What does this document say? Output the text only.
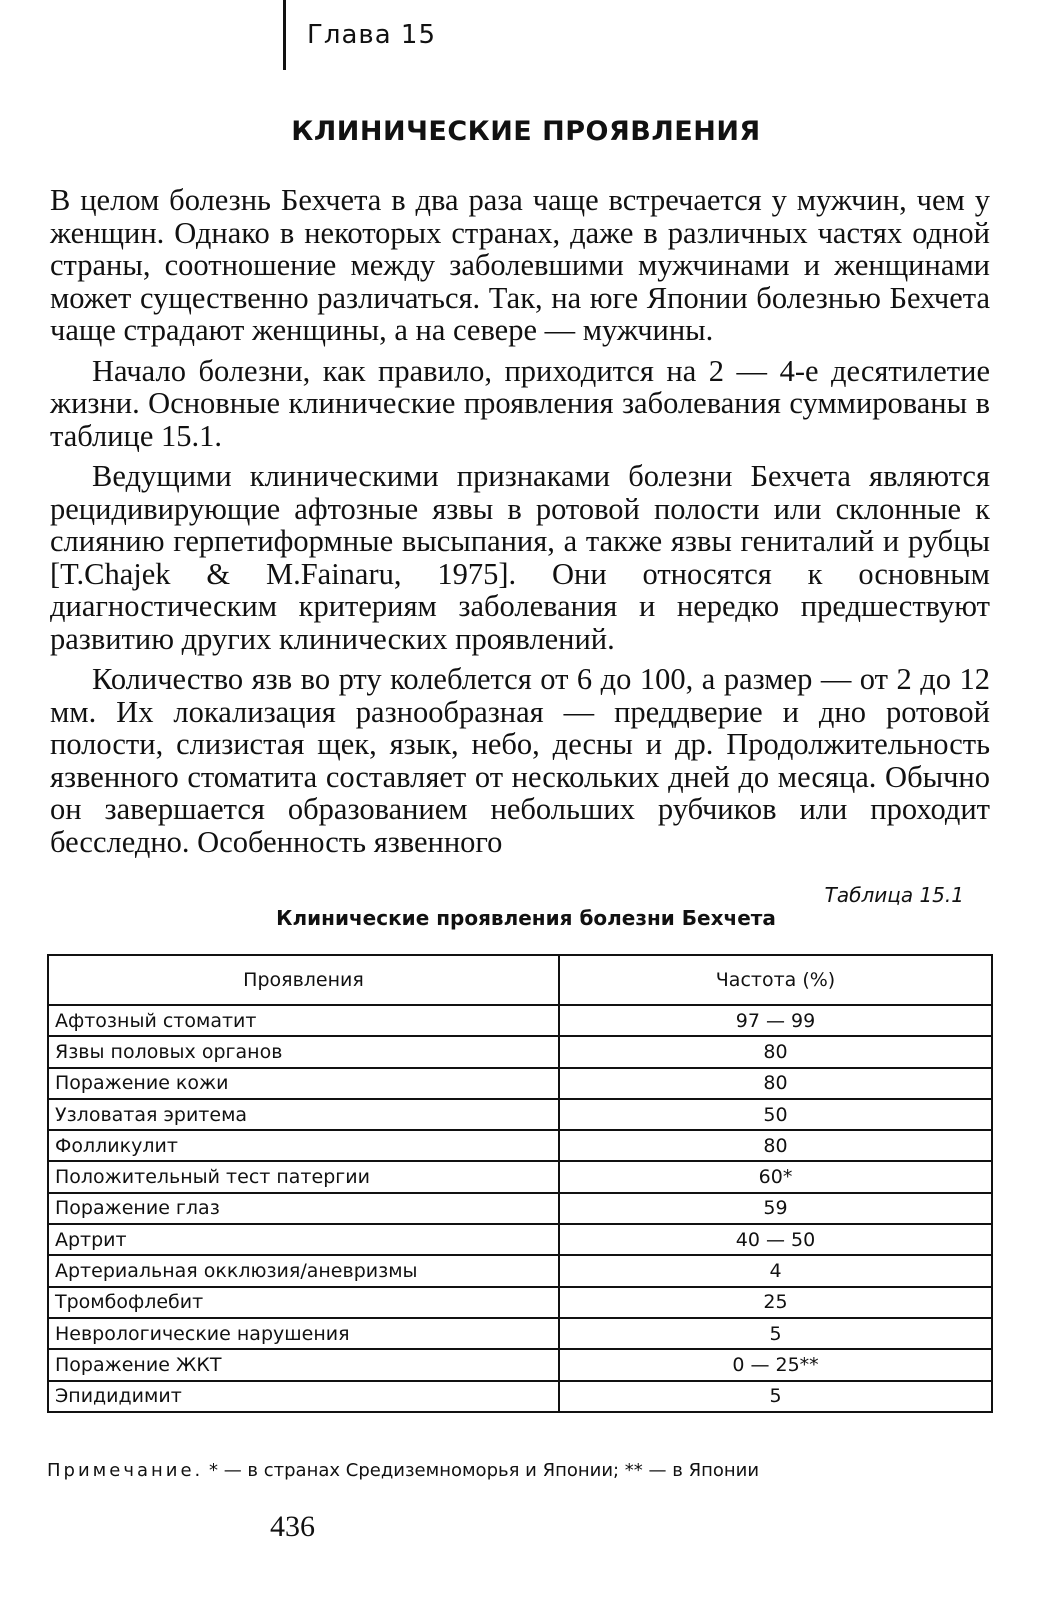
Глава 15
КЛИНИЧЕСКИЕ ПРОЯВЛЕНИЯ

В целом болезнь Бехчета в два раза чаще встречается у мужчин, чем у женщин. Однако в некоторых странах, даже в различных частях одной страны, соотношение между заболевшими мужчинами и женщинами может существенно различаться. Так, на юге Японии болезнью Бехчета чаще страдают женщины, а на севере — мужчины.

Начало болезни, как правило, приходится на 2 — 4-е десятилетие жизни. Основные клинические проявления заболевания суммированы в таблице 15.1.

Ведущими клиническими признаками болезни Бехчета являются рецидивирующие афтозные язвы в ротовой полости или склонные к слиянию герпетиформные высыпания, а также язвы гениталий и рубцы [T.Chajek & M.Fainaru, 1975]. Они относятся к основным диагностическим критериям заболевания и нередко предшествуют развитию других клинических проявлений.

Количество язв во рту колеблется от 6 до 100, а размер — от 2 до 12 мм. Их локализация разнообразная — преддверие и дно ротовой полости, слизистая щек, язык, небо, десны и др. Продолжительность язвенного стоматита составляет от нескольких дней до месяца. Обычно он завершается образованием небольших рубчиков или проходит бесследно. Особенность язвенного

Таблица 15.1
Клинические проявления болезни Бехчета
Проявления	Частота (%)
Афтозный стоматит	97 — 99
Язвы половых органов	80
Поражение кожи	80
Узловатая эритема	50
Фолликулит	80
Положительный тест патергии	60*
Поражение глаз	59
Артрит	40 — 50
Артериальная окклюзия/аневризмы	4
Тромбофлебит	25
Неврологические нарушения	5
Поражение ЖКТ	0 — 25**
Эпидидимит	5
Примечание. * — в странах Средиземноморья и Японии; ** — в Японии
436
